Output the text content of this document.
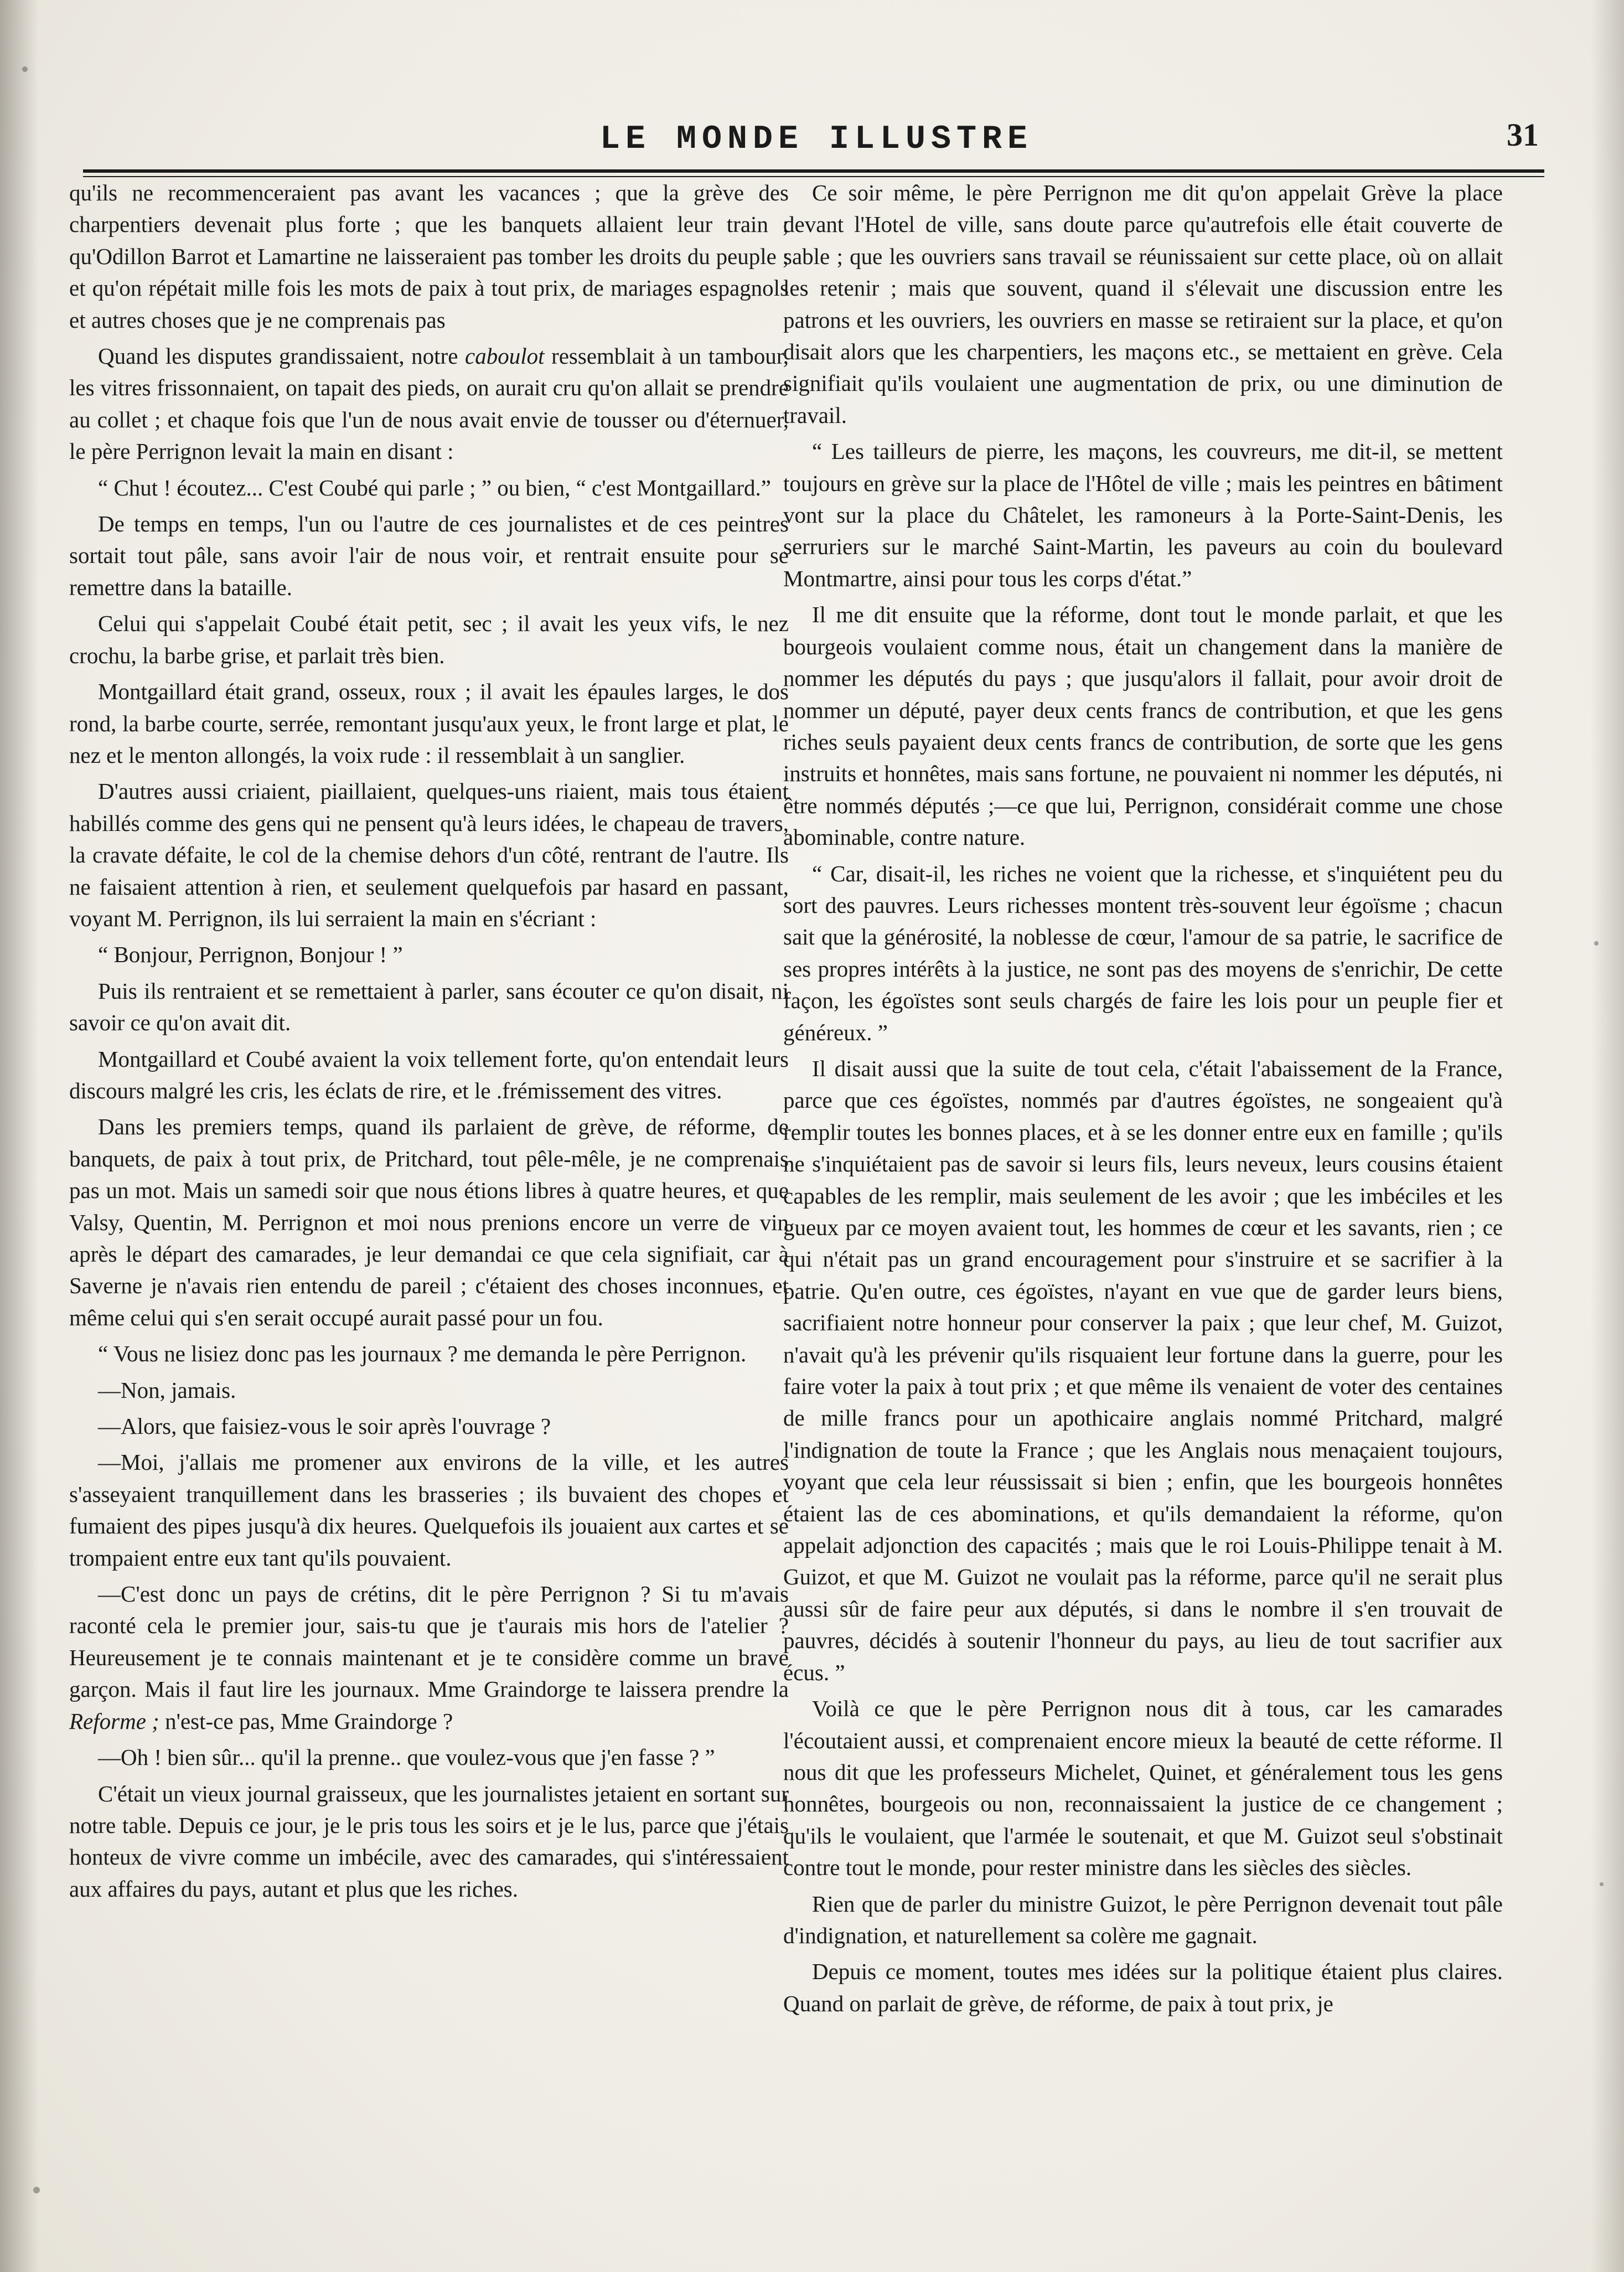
LE MONDE ILLUSTRE	31

qu'ils ne recommenceraient pas avant les vacances ; que la grève des charpentiers devenait plus forte ; que les banquets allaient leur train ; qu'Odillon Barrot et Lamartine ne laisseraient pas tomber les droits du peuple ; et qu'on répétait mille fois les mots de paix à tout prix, de mariages espagnols et autres choses que je ne comprenais pas

Quand les disputes grandissaient, notre caboulot ressemblait à un tambour, les vitres frissonnaient, on tapait des pieds, on aurait cru qu'on allait se prendre au collet ; et chaque fois que l'un de nous avait envie de tousser ou d'éternuer, le père Perrignon levait la main en disant :

“ Chut ! écoutez... C'est Coubé qui parle ; ” ou bien, “ c'est Montgaillard.”

De temps en temps, l'un ou l'autre de ces journalistes et de ces peintres sortait tout pâle, sans avoir l'air de nous voir, et rentrait ensuite pour se remettre dans la bataille.

Celui qui s'appelait Coubé était petit, sec ; il avait les yeux vifs, le nez crochu, la barbe grise, et parlait très bien.

Montgaillard était grand, osseux, roux ; il avait les épaules larges, le dos rond, la barbe courte, serrée, remontant jusqu'aux yeux, le front large et plat, le nez et le menton allongés, la voix rude : il ressemblait à un sanglier.

D'autres aussi criaient, piaillaient, quelques-uns riaient, mais tous étaient habillés comme des gens qui ne pensent qu'à leurs idées, le chapeau de travers, la cravate défaite, le col de la chemise dehors d'un côté, rentrant de l'autre. Ils ne faisaient attention à rien, et seulement quelquefois par hasard en passant, voyant M. Perrignon, ils lui serraient la main en s'écriant :

“ Bonjour, Perrignon, Bonjour ! ”

Puis ils rentraient et se remettaient à parler, sans écouter ce qu'on disait, ni savoir ce qu'on avait dit.

Montgaillard et Coubé avaient la voix tellement forte, qu'on entendait leurs discours malgré les cris, les éclats de rire, et le .frémissement des vitres.

Dans les premiers temps, quand ils parlaient de grève, de réforme, de banquets, de paix à tout prix, de Pritchard, tout pêle-mêle, je ne comprenais pas un mot. Mais un samedi soir que nous étions libres à quatre heures, et que Valsy, Quentin, M. Perrignon et moi nous prenions encore un verre de vin après le départ des camarades, je leur demandai ce que cela signifiait, car à Saverne je n'avais rien entendu de pareil ; c'étaient des choses inconnues, et même celui qui s'en serait occupé aurait passé pour un fou.

“ Vous ne lisiez donc pas les journaux ? me demanda le père Perrignon.

—Non, jamais.

—Alors, que faisiez-vous le soir après l'ouvrage ?

—Moi, j'allais me promener aux environs de la ville, et les autres s'asseyaient tranquillement dans les brasseries ; ils buvaient des chopes et fumaient des pipes jusqu'à dix heures. Quelquefois ils jouaient aux cartes et se trompaient entre eux tant qu'ils pouvaient.

—C'est donc un pays de crétins, dit le père Perrignon ? Si tu m'avais raconté cela le premier jour, sais-tu que je t'aurais mis hors de l'atelier ? Heureusement je te connais maintenant et je te considère comme un brave garçon. Mais il faut lire les journaux. Mme Graindorge te laissera prendre la Reforme ; n'est-ce pas, Mme Graindorge ?

—Oh ! bien sûr... qu'il la prenne.. que voulez-vous que j'en fasse ? ”

C'était un vieux journal graisseux, que les journalistes jetaient en sortant sur notre table. Depuis ce jour, je le pris tous les soirs et je le lus, parce que j'étais honteux de vivre comme un imbécile, avec des camarades, qui s'intéressaient aux affaires du pays, autant et plus que les riches.

Ce soir même, le père Perrignon me dit qu'on appelait Grève la place devant l'Hotel de ville, sans doute parce qu'autrefois elle était couverte de sable ; que les ouvriers sans travail se réunissaient sur cette place, où on allait les retenir ; mais que souvent, quand il s'élevait une discussion entre les patrons et les ouvriers, les ouvriers en masse se retiraient sur la place, et qu'on disait alors que les charpentiers, les maçons etc., se mettaient en grève. Cela signifiait qu'ils voulaient une augmentation de prix, ou une diminution de travail.

“ Les tailleurs de pierre, les maçons, les couvreurs, me dit-il, se mettent toujours en grève sur la place de l'Hôtel de ville ; mais les peintres en bâtiment vont sur la place du Châtelet, les ramoneurs à la Porte-Saint-Denis, les serruriers sur le marché Saint-Martin, les paveurs au coin du boulevard Montmartre, ainsi pour tous les corps d'état.”

Il me dit ensuite que la réforme, dont tout le monde parlait, et que les bourgeois voulaient comme nous, était un changement dans la manière de nommer les députés du pays ; que jusqu'alors il fallait, pour avoir droit de nommer un député, payer deux cents francs de contribution, et que les gens riches seuls payaient deux cents francs de contribution, de sorte que les gens instruits et honnêtes, mais sans fortune, ne pouvaient ni nommer les députés, ni être nommés députés ;—ce que lui, Perrignon, considérait comme une chose abominable, contre nature.

“ Car, disait-il, les riches ne voient que la richesse, et s'inquiétent peu du sort des pauvres. Leurs richesses montent très-souvent leur égoïsme ; chacun sait que la générosité, la noblesse de cœur, l'amour de sa patrie, le sacrifice de ses propres intérêts à la justice, ne sont pas des moyens de s'enrichir, De cette façon, les égoïstes sont seuls chargés de faire les lois pour un peuple fier et généreux. ”

Il disait aussi que la suite de tout cela, c'était l'abaissement de la France, parce que ces égoïstes, nommés par d'autres égoïstes, ne songeaient qu'à remplir toutes les bonnes places, et à se les donner entre eux en famille ; qu'ils ne s'inquiétaient pas de savoir si leurs fils, leurs neveux, leurs cousins étaient capables de les remplir, mais seulement de les avoir ; que les imbéciles et les gueux par ce moyen avaient tout, les hommes de cœur et les savants, rien ; ce qui n'était pas un grand encouragement pour s'instruire et se sacrifier à la patrie. Qu'en outre, ces égoïstes, n'ayant en vue que de garder leurs biens, sacrifiaient notre honneur pour conserver la paix ; que leur chef, M. Guizot, n'avait qu'à les prévenir qu'ils risquaient leur fortune dans la guerre, pour les faire voter la paix à tout prix ; et que même ils venaient de voter des centaines de mille francs pour un apothicaire anglais nommé Pritchard, malgré l'indignation de toute la France ; que les Anglais nous menaçaient toujours, voyant que cela leur réussissait si bien ; enfin, que les bourgeois honnêtes étaient las de ces abominations, et qu'ils demandaient la réforme, qu'on appelait adjonction des capacités ; mais que le roi Louis-Philippe tenait à M. Guizot, et que M. Guizot ne voulait pas la réforme, parce qu'il ne serait plus aussi sûr de faire peur aux députés, si dans le nombre il s'en trouvait de pauvres, décidés à soutenir l'honneur du pays, au lieu de tout sacrifier aux écus. ”

Voilà ce que le père Perrignon nous dit à tous, car les camarades l'écoutaient aussi, et comprenaient encore mieux la beauté de cette réforme. Il nous dit que les professeurs Michelet, Quinet, et généralement tous les gens honnêtes, bourgeois ou non, reconnaissaient la justice de ce changement ; qu'ils le voulaient, que l'armée le soutenait, et que M. Guizot seul s'obstinait contre tout le monde, pour rester ministre dans les siècles des siècles.

Rien que de parler du ministre Guizot, le père Perrignon devenait tout pâle d'indignation, et naturellement sa colère me gagnait.

Depuis ce moment, toutes mes idées sur la politique étaient plus claires. Quand on parlait de grève, de réforme, de paix à tout prix, je
